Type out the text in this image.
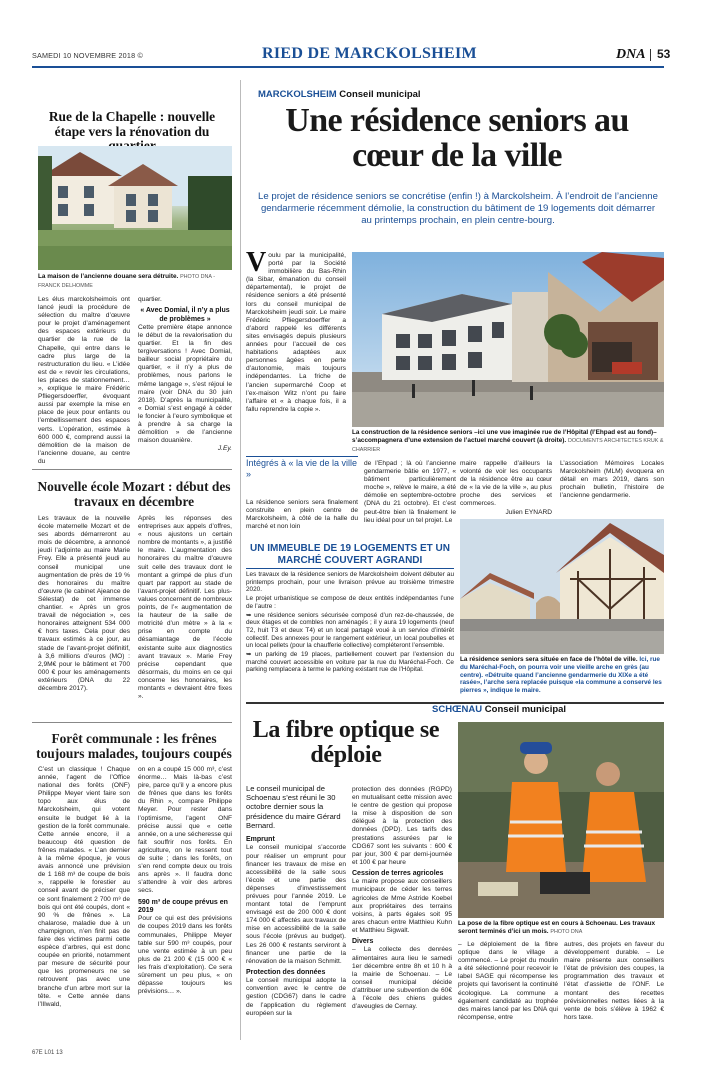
SAMEDI 10 NOVEMBRE 2018 ©	RIED DE MARCKOLSHEIM	DNA 53
Rue de la Chapelle : nouvelle étape vers la rénovation du
La maison de l’ancienne douane sera détruite. PHOTO DNA - FRANCK DELHOMME
Les élus marckolsheimois ont lancé jeudi la procédure de sélection du maître d’œuvre pour le projet d’aménagement des espaces extérieurs du quartier de la rue de la Chapelle, qui entre dans le cadre plus large de la restructuration du lieu. « L’idée est de « revoir les circulations, les places de stationnement… », explique le maire Frédéric Pfliegersdoerffer, évoquant aussi par exemple la mise en place de jeux pour enfants ou l’embellissement des espaces verts. L’opération, estimée à 600 000 €, comprend aussi la démolition de la maison de l’ancienne douane, au centre du
quartier.
« Avec Domial, il n’y a plus de problèmes »
Cette première étape annonce le début de la revalorisation du quartier. Et la fin des tergiversations ! Avec Domial, bailleur social propriétaire du quartier, « il n’y a plus de problèmes, nous parlons le même langage », s’est réjoui le maire (voir DNA du 30 juin 2018). D’après la municipalité, « Domial s’est engagé à céder le foncier à l’euro symbolique et à prendre à sa charge la démolition » de l’ancienne maison douanière.
J.Ey.
Nouvelle école Mozart : début des travaux en décembre
Les travaux de la nouvelle école maternelle Mozart et de ses abords démarreront au mois de décembre, a annoncé jeudi l’adjointe au maire Marie Frey. Elle a présenté jeudi au conseil municipal une augmentation de près de 19 % des honoraires du maître d’œuvre (le cabinet Ajeance de Sélestat) de cet immense chantier. « Après un gros travail de négociation », ces honoraires atteignent 534 000 € hors taxes. Cela pour des travaux estimés à ce jour, au stade de l’avant-projet définitif, à 3,6 millions d’euros (MO) : 2,9M€ pour le bâtiment et 700 000 € pour les aménagements extérieurs (DNA du 22 décembre 2017).
Après les réponses des entreprises aux appels d’offres, « nous ajustons un certain nombre de montants », a justifié le maire. L’augmentation des honoraires du maître d’œuvre suit celle des travaux dont le montant a grimpé de plus d’un quart par rapport au stade de l’avant-projet définitif. Les plus-values concernent de nombreux points, de l’« augmentation de la hauteur de la salle de motricité d’un mètre » à la « prise en compte du désamiantage de l’école existante suite aux diagnostics avant travaux ». Marie Frey précise cependant que désormais, du moins en ce qui concerne les honoraires, les montants « devraient être fixes ».
Forêt communale : les frênes toujours malades, toujours coupés
C’est un classique ! Chaque année, l’agent de l’Office national des forêts (ONF) Philippe Meyer vient faire son topo aux élus de Marckolsheim, qui votent ensuite le budget lié à la gestion de la forêt communale. Cette année encore, il a beaucoup été question de frênes malades. « L’an dernier à la même époque, je vous avais annoncé une prévision de 1 168 m³ de coupe de bois », rappelle le forestier au conseil avant de préciser que ce sont finalement 2 700 m³ de bois qui ont été coupés, dont « 90 % de frênes ». La chalarose, maladie due à un champignon, n’en finit pas de faire des victimes parmi cette espèce d’arbres, qui est donc coupée en priorité, notamment par mesure de sécurité pour que les promeneurs ne se retrouvent pas avec une branche d’un arbre mort sur la tête. « Cette année dans l’Illwald,
on en a coupé 15 000 m³, c’est énorme… Mais là-bas c’est pire, parce qu’il y a encore plus de frênes que dans les forêts du Rhin », compare Philippe Meyer. Pour rester dans l’optimisme, l’agent ONF précise aussi que « cette année, on a une sécheresse qui fait souffrir nos forêts. En agriculture, on le ressent tout de suite ; dans les forêts, on s’en rend compte deux ou trois ans après ». Il faudra donc s’attendre à voir des arbres secs.
590 m³ de coupe prévus en 2019
Pour ce qui est des prévisions de coupes 2019 dans les forêts communales, Philippe Meyer table sur 590 m³ coupés, pour une vente estimée à un peu plus de 21 200 € (15 000 € « les frais d’exploitation). Ce sera sûrement un peu plus, « on dépasse toujours les prévisions… ».
MARCKOLSHEIM Conseil municipal
Une résidence seniors au cœur de la ville
Le projet de résidence seniors se concrétise (enfin !) à Marckolsheim. À l’endroit de l’ancienne gendarmerie récemment démolie, la construction du bâtiment de 19 logements doit démarrer au printemps prochain, en plein centre-bourg.
V oulu par la municipalité, porté par la Société immobilière du Bas-Rhin (la Sibar, émanation du conseil départemental), le projet de résidence seniors a été présenté lors du conseil municipal de Marckolsheim jeudi soir. Le maire Frédéric Pfliegersdoerffer a d’abord rappelé les différents sites envisagés depuis plusieurs années pour l’accueil de ces habitations adaptées aux personnes âgées en perte d’autonomie, mais toujours indépendantes. La friche de l’ancien supermarché Coop et l’ex-maison Witz n’ont pu faire l’affaire et « à chaque fois, il a fallu reprendre la copie ».
La construction de la résidence seniors –ici une vue imaginée rue de l’Hôpital (l’Ehpad est au fond)– s’accompagnera d’une extension de l’actuel marché couvert (à droite). DOCUMENTS ARCHITECTES KRUK & CHARRIER
Intégrés à « la vie de la ville »
La résidence seniors sera finalement construite en plein centre de Marckolsheim, à côté de la halle du marché et non loin
de l’Ehpad ; là où l’ancienne gendarmerie bâtie en 1977, « bâtiment particulièrement moche », relève le maire, a été démolie en septembre-octobre (DNA du 21 octobre). Et c’est peut-être bien là finalement le lieu idéal pour un tel projet. Le
maire rappelle d’ailleurs la volonté de voir les occupants de la résidence être au cœur de « la vie de la ville », au plus proche des services et commerces.
Julien EYNARD
L’association Mémoires Locales Marckolsheim (MLM) évoquera en détail en mars 2019, dans son prochain bulletin, l’histoire de l’ancienne gendarmerie.
UN IMMEUBLE DE 19 LOGEMENTS ET UN MARCHÉ COUVERT AGRANDI

Les travaux de la résidence seniors de Marckolsheim doivent débuter au printemps prochain, pour une livraison prévue au troisième trimestre 2020.

Le projet urbanistique se compose de deux entités indépendantes l’une de l’autre :

➥ une résidence seniors sécurisée composé d’un rez-de-chaussée, de deux étages et de combles non aménagés ; il y aura 19 logements (neuf T2, huit T3 et deux T4) et un local partagé voué à un service d’intérêt collectif. Des annexes pour le rangement extérieur, un local poubelles et un local pellets (pour la chaufferie collective) compléteront l’ensemble.

➥ un parking de 19 places, partiellement couvert par l’extension du marché couvert accessible en voiture par la rue du Maréchal-Foch. Ce parking remplacera à terme le parking existant rue de l’Hôpital.

La résidence seniors sera située en face de l’hôtel de ville. Ici, rue du Maréchal-Foch, on pourra voir une vieille arche en grès (au centre). «Détruite quand l’ancienne gendarmerie du XIXe a été rasée», l’arche sera replacée puisque «la commune a conservé les pierres », indique le maire.
SCHŒNAU Conseil municipal
La fibre optique se déploie
Le conseil municipal de Schoenau s’est réuni le 30 octobre dernier sous la présidence du maire Gérard Bernard.
Emprunt
Le conseil municipal s’accorde pour réaliser un emprunt pour financer les travaux de mise en accessibilité de la salle sous l’école et une partie des dépenses d’investissement prévues pour l’année 2019. Le montant total de l’emprunt envisagé est de 200 000 € dont 174 000 € affectés aux travaux de mise en accessibilité de la salle sous l’école (prévus au budget). Les 26 000 € restants serviront à financer une partie de la rénovation de la maison Schmitt.
Protection des données
Le conseil municipal adopte la convention avec le centre de gestion (CDG67) dans le cadre de l’application du règlement européen sur la
protection des données (RGPD) en mutualisant cette mission avec le centre de gestion qui propose la mise à disposition de son délégué à la protection des données (DPD). Les tarifs des prestations assurées par le CDG67 sont les suivants : 600 € par jour, 300 € par demi-journée et 100 € par heure
Cession de terres agricoles
Le maire propose aux conseillers municipaux de céder les terres agricoles de Mme Astride Koebel aux propriétaires des terrains voisins, à parts égales soit 95 ares chacun entre Matthieu Kuhn et Matthieu Sigwalt.
Divers
– La collecte des denrées alimentaires aura lieu le samedi 1er décembre entre 8h et 10 h à la mairie de Schoenau. – Le conseil municipal décide d’attribuer une subvention de 60€ à l’école des chiens guides d’aveugles de Cernay.
La pose de la fibre optique est en cours à Schoenau. Les travaux seront terminés d’ici un mois. PHOTO DNA
– Le déploiement de la fibre optique dans le village a commencé. – Le projet du moulin a été sélectionné pour recevoir le label SAGE qui récompense les projets qui favorisent la continuité écologique. La commune a également candidaté au trophée des maires lancé par les DNA qui récompense, entre
autres, des projets en faveur du développement durable. – Le maire présente aux conseillers l’état de prévision des coupes, la programmation des travaux et l’état d’assiette de l’ONF. Le montant des recettes prévisionnelles nettes liées à la vente de bois s’élève à 1962 € hors taxe.
67E L01 13
